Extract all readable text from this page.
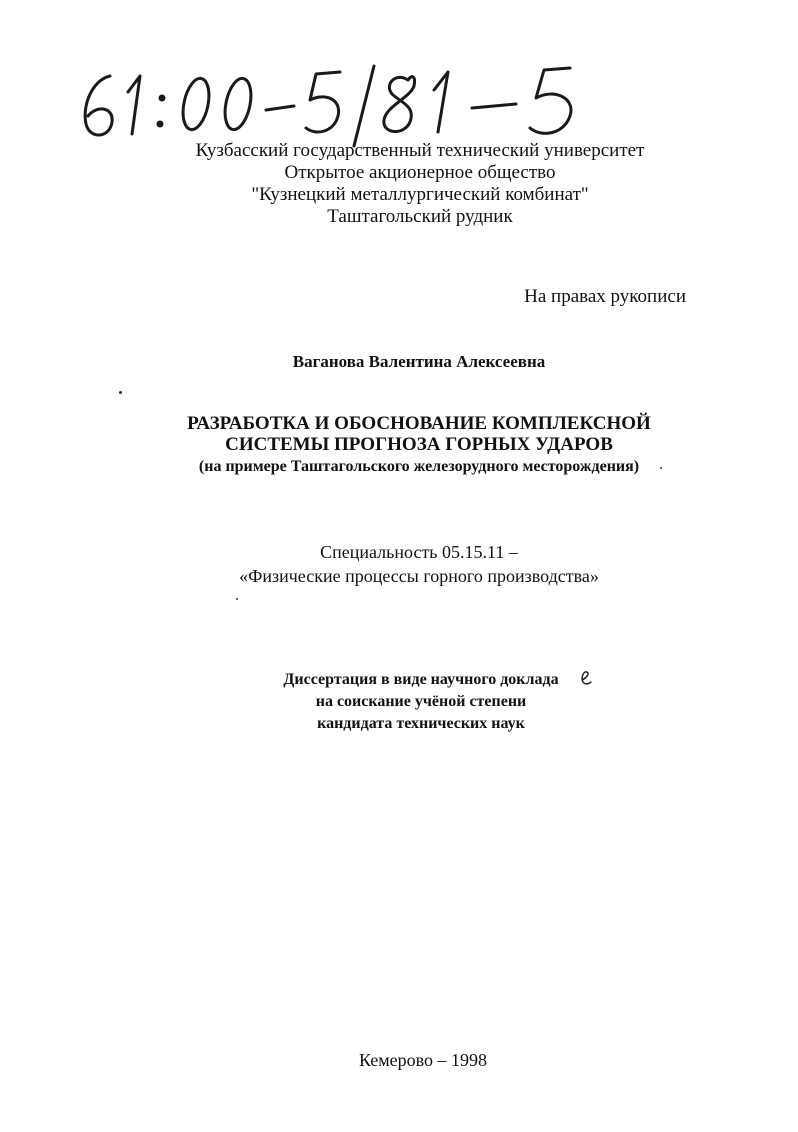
Кузбасский государственный технический университет
Открытое акционерное общество
"Кузнецкий металлургический комбинат"
Таштагольский рудник
На правах рукописи
Ваганова Валентина Алексеевна
РАЗРАБОТКА И ОБОСНОВАНИЕ КОМПЛЕКСНОЙ
СИСТЕМЫ ПРОГНОЗА ГОРНЫХ УДАРОВ
(на примере Таштагольского железорудного месторождения)
Специальность 05.15.11 –
«Физические процессы горного производства»
Диссертация в виде научного доклада
на соискание учёной степени
кандидата технических наук
Кемерово – 1998
